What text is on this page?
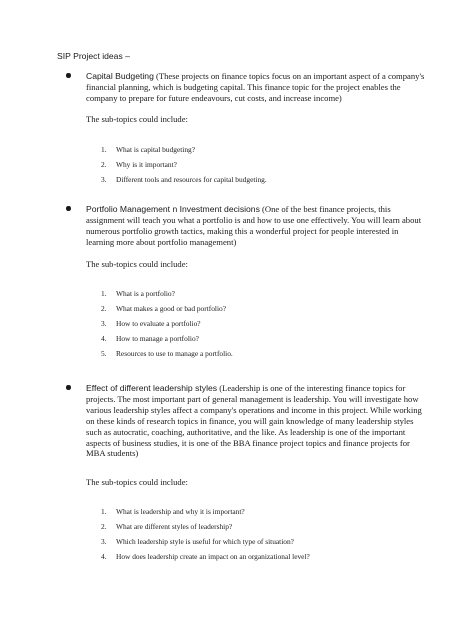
SIP Project ideas –
Capital Budgeting (These projects on finance topics focus on an important aspect of a company's financial planning, which is budgeting capital. This finance topic for the project enables the company to prepare for future endeavours, cut costs, and increase income)
The sub-topics could include:
1. What is capital budgeting?
2. Why is it important?
3. Different tools and resources for capital budgeting.
Portfolio Management n Investment decisions (One of the best finance projects, this assignment will teach you what a portfolio is and how to use one effectively. You will learn about numerous portfolio growth tactics, making this a wonderful project for people interested in learning more about portfolio management)
The sub-topics could include:
1. What is a portfolio?
2. What makes a good or bad portfolio?
3. How to evaluate a portfolio?
4. How to manage a portfolio?
5. Resources to use to manage a portfolio.
Effect of different leadership styles (Leadership is one of the interesting finance topics for projects. The most important part of general management is leadership. You will investigate how various leadership styles affect a company's operations and income in this project. While working on these kinds of research topics in finance, you will gain knowledge of many leadership styles such as autocratic, coaching, authoritative, and the like. As leadership is one of the important aspects of business studies, it is one of the BBA finance project topics and finance projects for MBA students)
The sub-topics could include:
1. What is leadership and why it is important?
2. What are different styles of leadership?
3. Which leadership style is useful for which type of situation?
4. How does leadership create an impact on an organizational level?
